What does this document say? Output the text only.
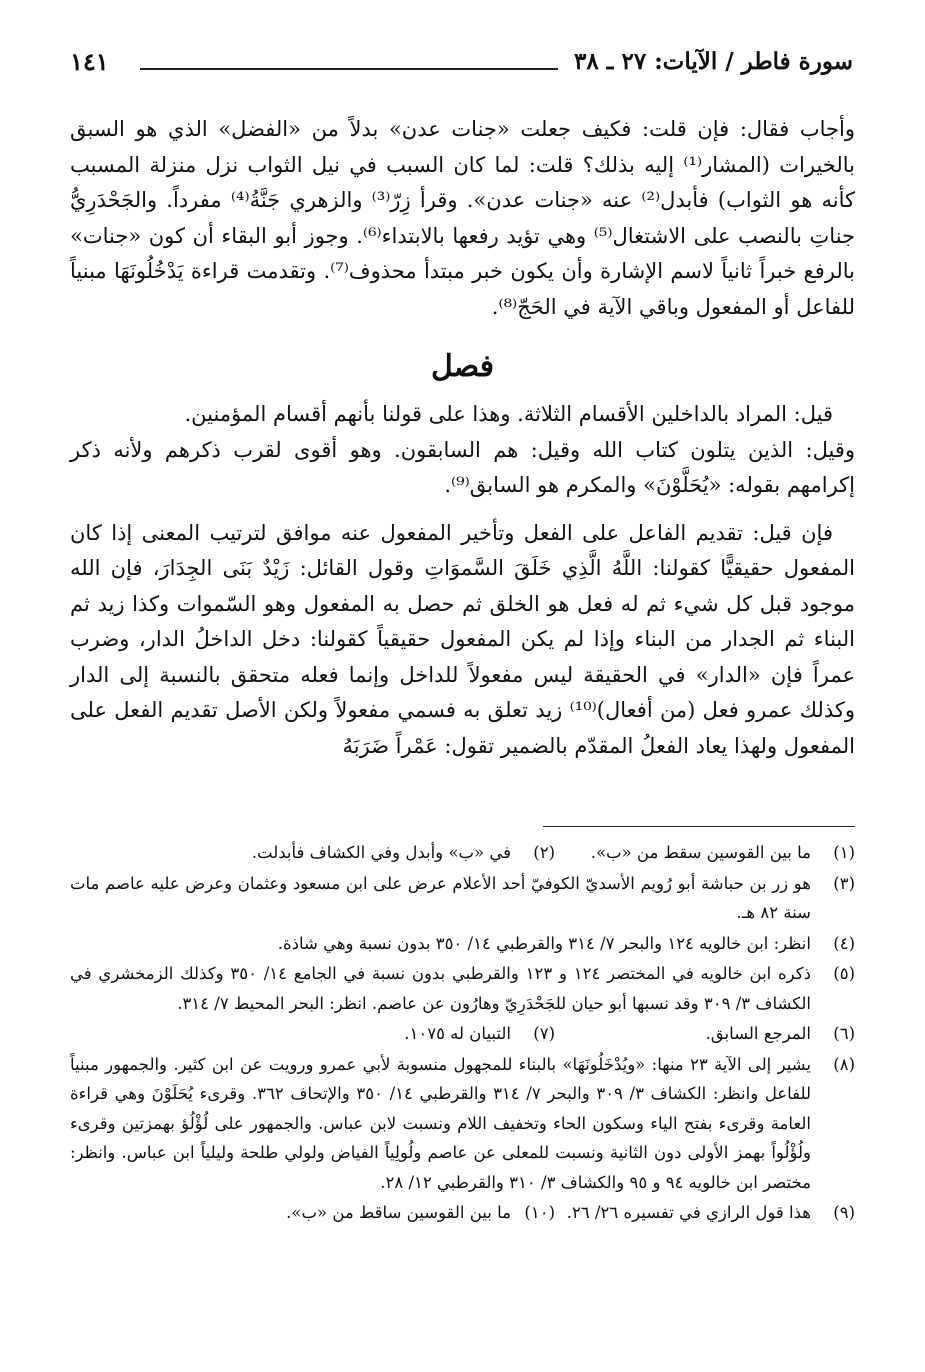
سورة فاطر / الآيات: ٢٧ ـ ٣٨
١٤١

وأجاب فقال: فإن قلت: فكيف جعلت «جنات عدن» بدلاً من «الفضل» الذي هو السبق بالخيرات (المشار⁽¹⁾ إليه بذلك؟ قلت: لما كان السبب في نيل الثواب نزل منزلة المسبب كأنه هو الثواب) فأبدل⁽²⁾ عنه «جنات عدن». وقرأ زِرّ⁽³⁾ والزهري جَنَّةُ⁽⁴⁾ مفرداً. والجَحْدَرِيُّ جناتِ بالنصب على الاشتغال⁽⁵⁾ وهي تؤيد رفعها بالابتداء⁽⁶⁾. وجوز أبو البقاء أن كون «جنات» بالرفع خبراً ثانياً لاسم الإشارة وأن يكون خبر مبتدأ محذوف⁽⁷⁾. وتقدمت قراءة يَدْخُلُونَهَا مبنياً للفاعل أو المفعول وباقي الآية في الحَجّ⁽⁸⁾.

فصل

قيل: المراد بالداخلين الأقسام الثلاثة. وهذا على قولنا بأنهم أقسام المؤمنين.

وقيل: الذين يتلون كتاب الله وقيل: هم السابقون. وهو أقوى لقرب ذكرهم ولأنه ذكر إكرامهم بقوله: «يُحَلَّوْنَ» والمكرم هو السابق⁽⁹⁾.

فإن قيل: تقديم الفاعل على الفعل وتأخير المفعول عنه موافق لترتيب المعنى إذا كان المفعول حقيقيًّا كقولنا: اللَّهُ الَّذِي خَلَقَ السَّموَاتِ وقول القائل: زَيْدٌ بَنَى الجِدَارَ، فإن الله موجود قبل كل شيء ثم له فعل هو الخلق ثم حصل به المفعول وهو السّموات وكذا زيد ثم البناء ثم الجدار من البناء وإذا لم يكن المفعول حقيقياً كقولنا: دخل الداخلُ الدار، وضرب عمراً فإن «الدار» في الحقيقة ليس مفعولاً للداخل وإنما فعله متحقق بالنسبة إلى الدار وكذلك عمرو فعل (من أفعال)⁽¹⁰⁾ زيد تعلق به فسمي مفعولاً ولكن الأصل تقديم الفعل على المفعول ولهذا يعاد الفعلُ المقدّم بالضمير تقول: عَمْراً ضَرَبَهُ

(١)
ما بين القوسين سقط من «ب».
(٢)
في «ب» وأبدل وفي الكشاف فأبدلت.
(٣)
هو زر بن حباشة أبو رُويم الأسديّ الكوفيّ أحد الأعلام عرض على ابن مسعود وعثمان وعرض عليه عاصم مات سنة ٨٢ هـ.
(٤)
انظر: ابن خالويه ١٢٤ والبحر ٧/ ٣١٤ والقرطبي ١٤/ ٣٥٠ بدون نسبة وهي شاذة.
(٥)
ذكره ابن خالويه في المختصر ١٢٤ و ١٢٣ والقرطبي بدون نسبة في الجامع ١٤/ ٣٥٠ وكذلك الزمخشري في الكشاف ٣/ ٣٠٩ وقد نسبها أبو حيان للجَحْدَرِيّ وهارُون عن عاصم. انظر: البحر المحيط ٧/ ٣١٤.
(٦)
المرجع السابق.
(٧)
التبيان له ١٠٧٥.
(٨)
يشير إلى الآية ٢٣ منها: «ويُدْخَلُونَهَا» بالبناء للمجهول منسوبة لأبي عمرو ورويت عن ابن كثير. والجمهور مبنياً للفاعل وانظر: الكشاف ٣/ ٣٠٩ والبحر ٧/ ٣١٤ والقرطبي ١٤/ ٣٥٠ والإتحاف ٣٦٢. وقرىء يُحَلَوْنَ وهي قراءة العامة وقرىء بفتح الياء وسكون الحاء وتخفيف اللام ونسبت لابن عباس. والجمهور على لُؤْلُؤ بهمزتين وقرىء ولُؤْلُواً بهمز الأولى دون الثانية ونسبت للمعلى عن عاصم ولُولِياً الفياض ولولي طلحة وليلياً ابن عباس. وانظر: مختصر ابن خالويه ٩٤ و ٩٥ والكشاف ٣/ ٣١٠ والقرطبي ١٢/ ٢٨.
(٩)
هذا قول الرازي في تفسيره ٢٦/ ٢٦.
(١٠)
ما بين القوسين ساقط من «ب».
